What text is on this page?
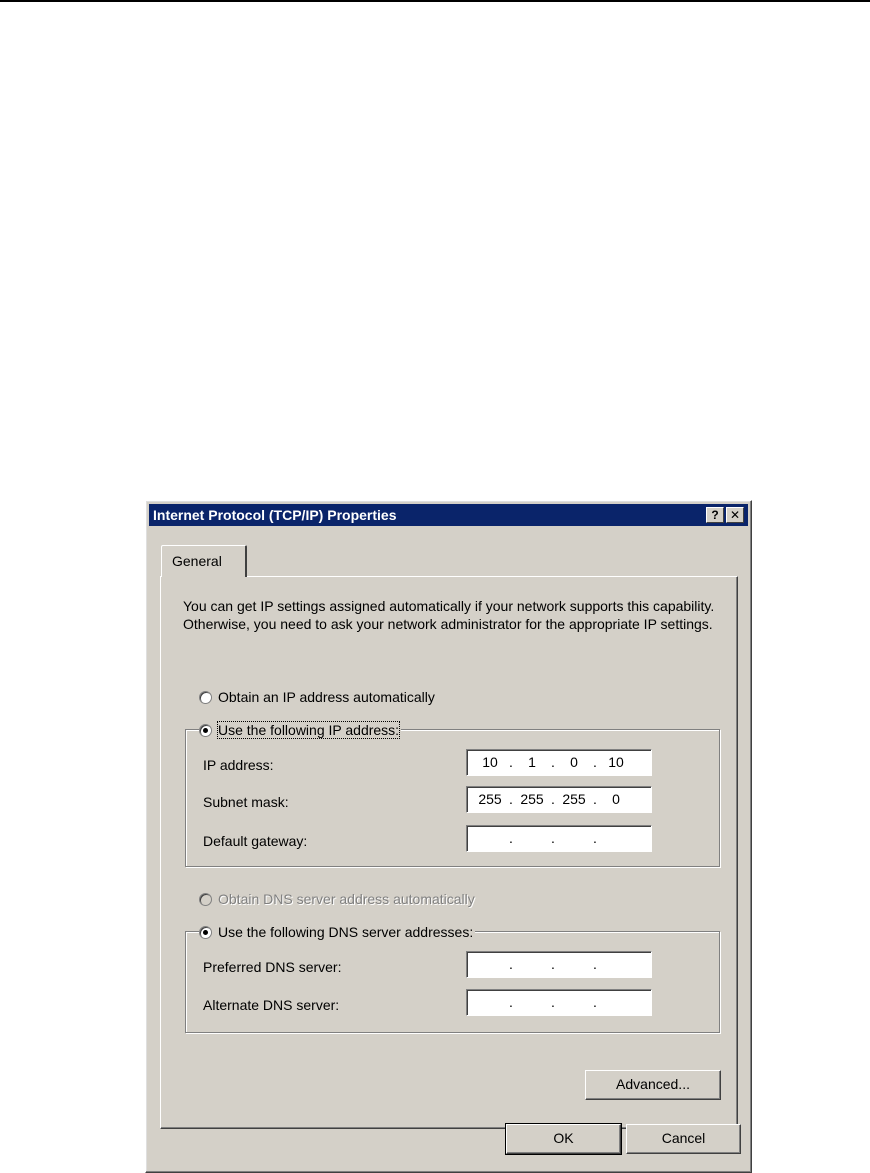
Internet Protocol (TCP/IP) Properties	? ✕
General
You can get IP settings assigned automatically if your network supports this capability. Otherwise, you need to ask your network administrator for the appropriate IP settings.
Obtain an IP address automatically
Use the following IP address:
IP address:	10 .	1	.	0	. 10
Subnet mask:	255 . 255 . 255 .	0
Default gateway:	.	.	.
Obtain DNS server address automatically
Use the following DNS server addresses:
Preferred DNS server:	.	.	.
Alternate DNS server:	.	.	.
Advanced...
OK	Cancel
